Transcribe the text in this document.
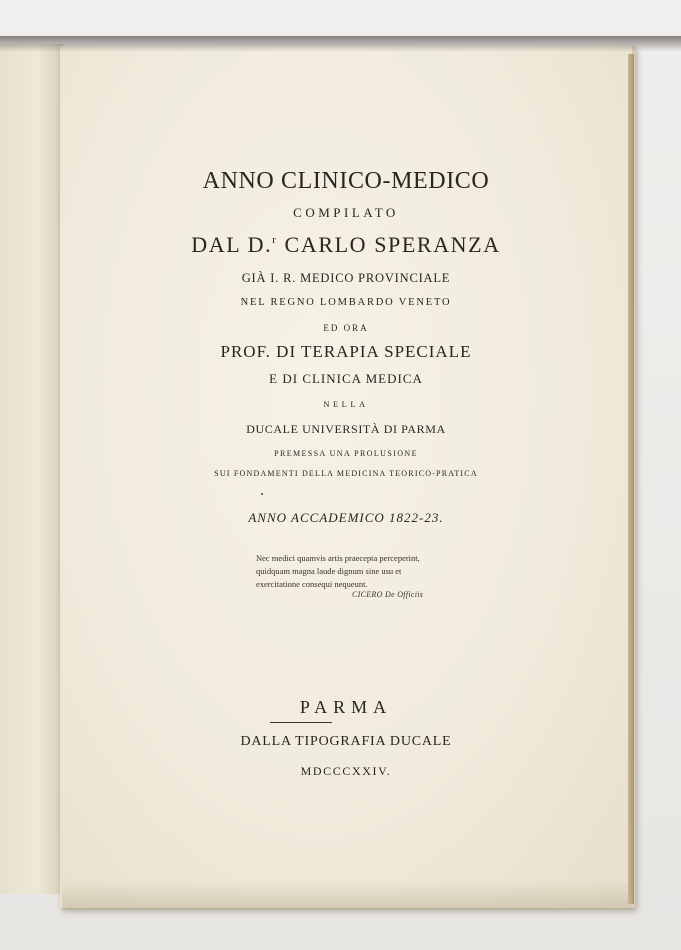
ANNO CLINICO-MEDICO

COMPILATO

DAL D.$^r$ CARLO SPERANZA

GIÀ I. R. MEDICO PROVINCIALE

NEL REGNO LOMBARDO VENETO

ED ORA

PROF. DI TERAPIA SPECIALE

E DI CLINICA MEDICA

NELLA

DUCALE UNIVERSITÀ DI PARMA

PREMESSA UNA PROLUSIONE

SUI FONDAMENTI DELLA MEDICINA TEORICO-PRATICA

ANNO ACCADEMICO 1822-23.

Nec medici quamvis artis praecepta perceperint,
quidquam magna laude dignum sine usu et
exercitatione consequi nequeunt.
CICERO De Officiis

PARMA

DALLA TIPOGRAFIA DUCALE

MDCCCXXIV.
